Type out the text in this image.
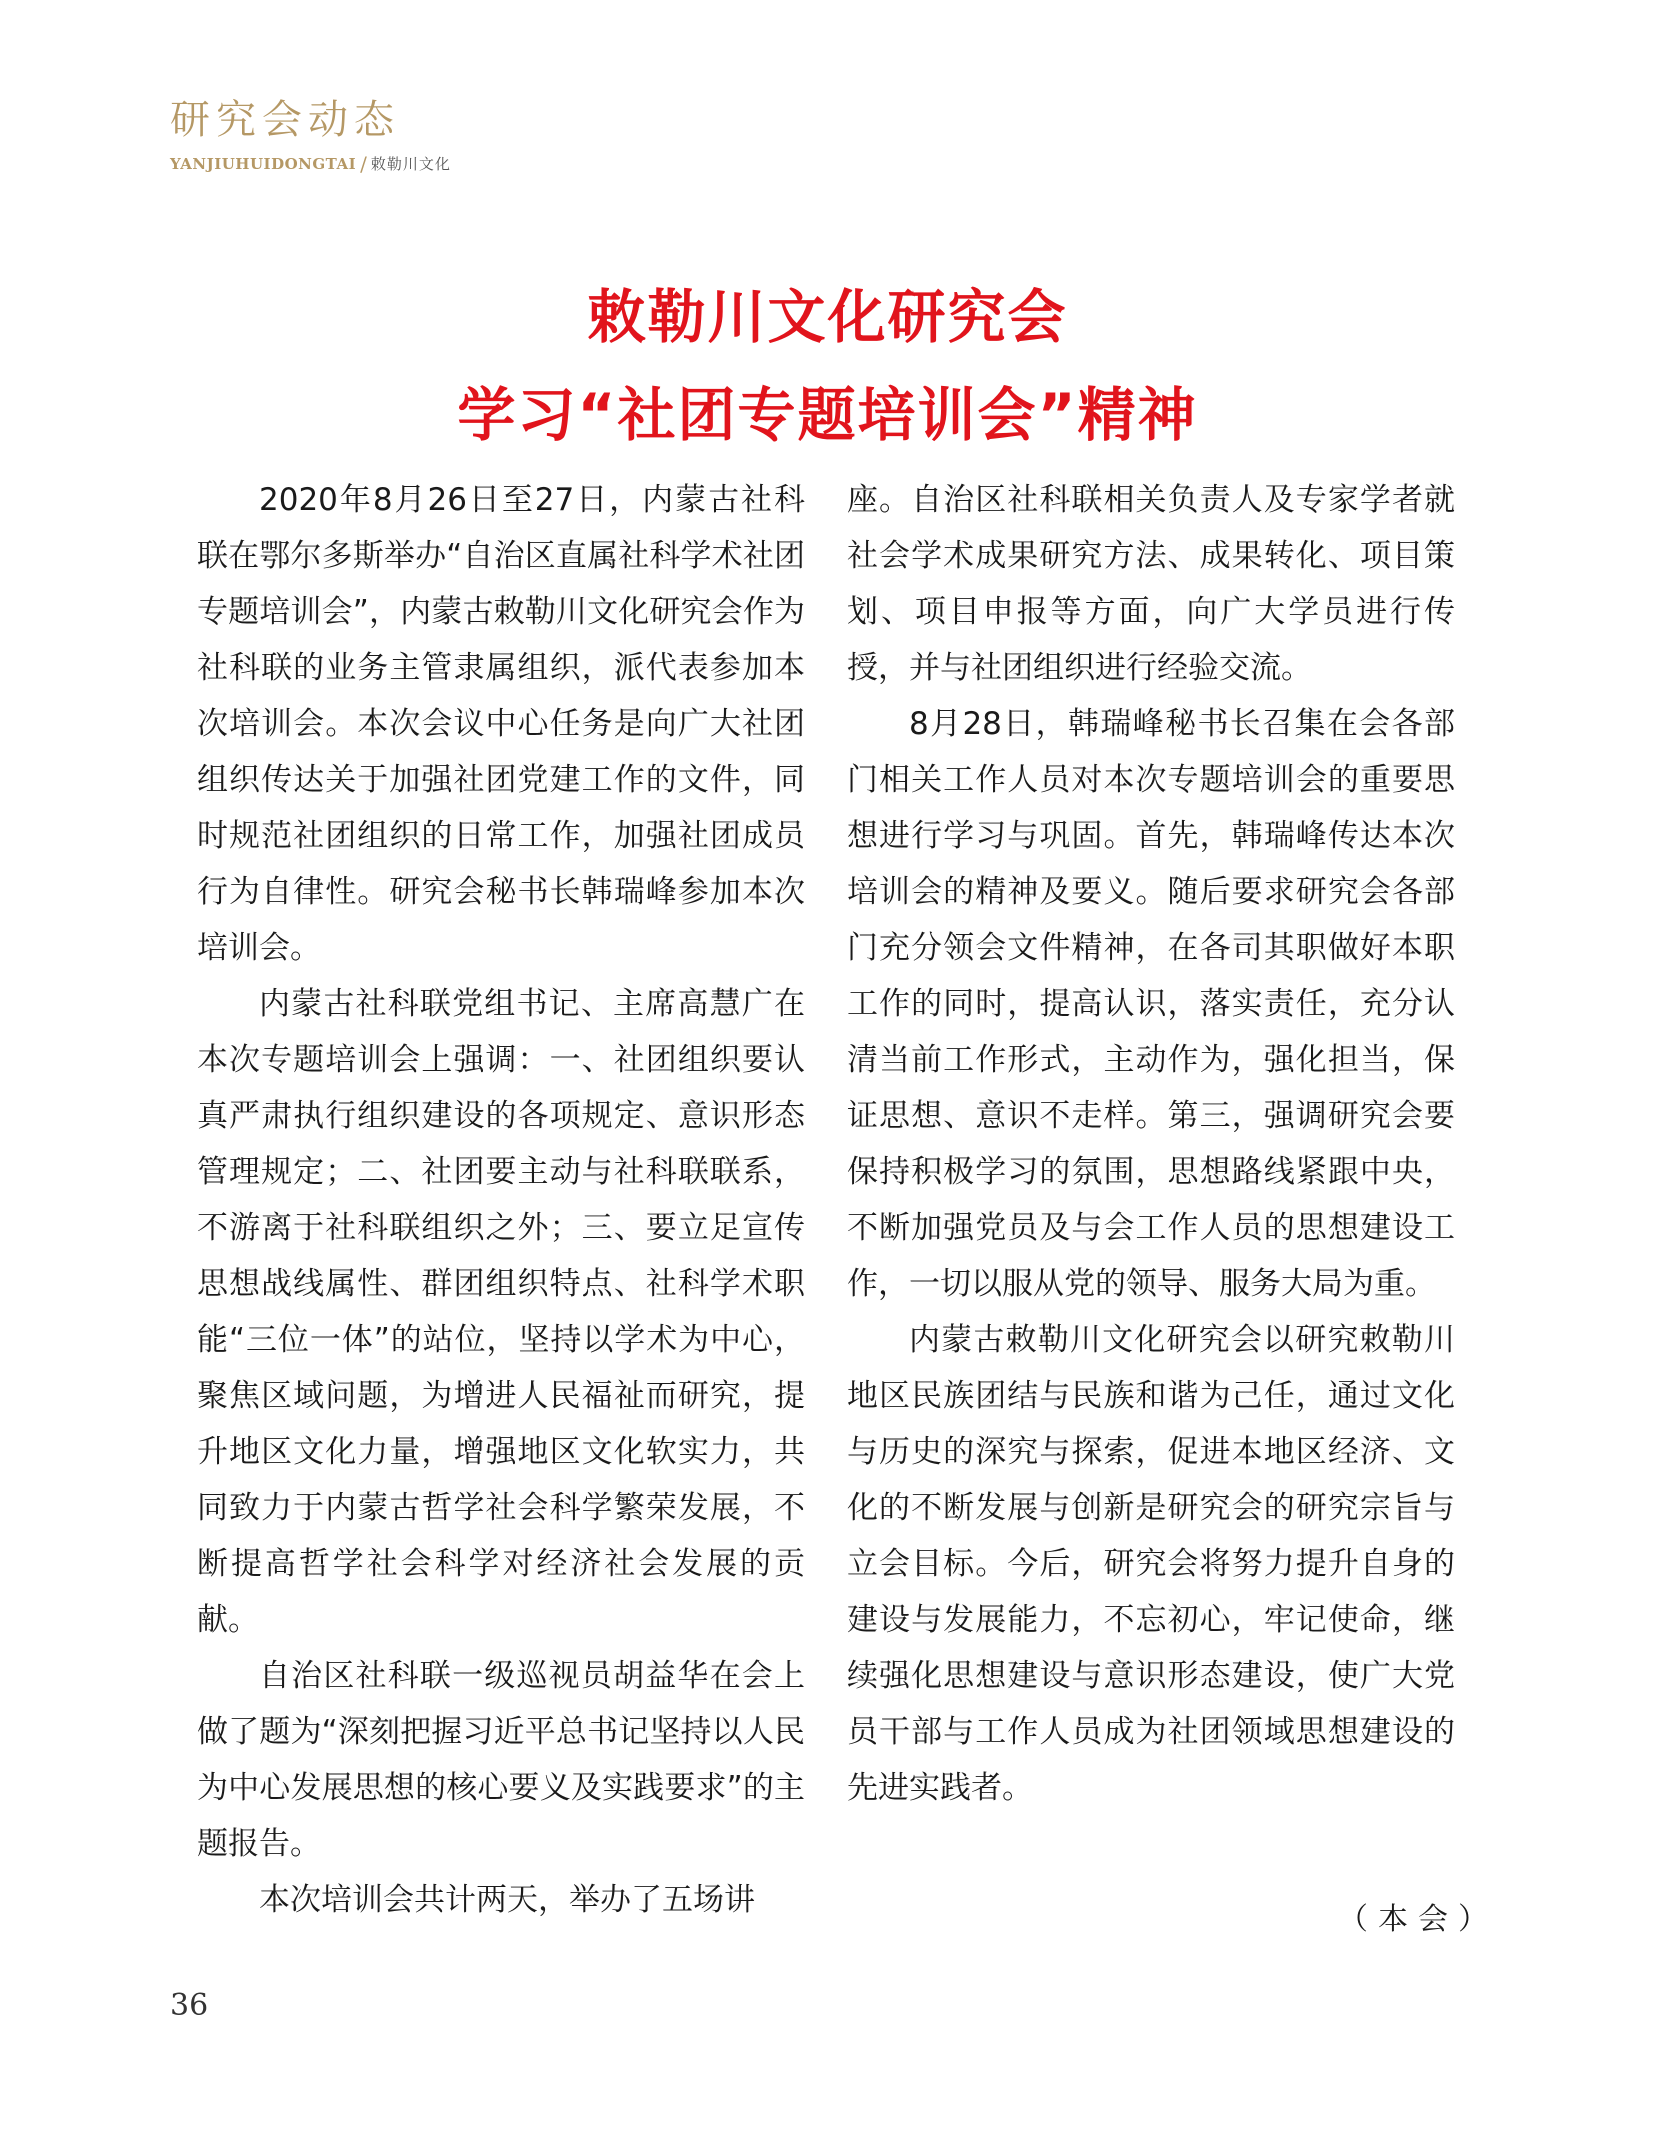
研究会动态
YANJIUHUIDONGTAI / 敕勒川文化
敕勒川文化研究会
学习“社团专题培训会”精神

2020年8月26日至27日，内蒙古社科联在鄂尔多斯举办“自治区直属社科学术社团专题培训会”，内蒙古敕勒川文化研究会作为社科联的业务主管隶属组织，派代表参加本次培训会。本次会议中心任务是向广大社团组织传达关于加强社团党建工作的文件，同时规范社团组织的日常工作，加强社团成员行为自律性。研究会秘书长韩瑞峰参加本次培训会。

内蒙古社科联党组书记、主席高慧广在本次专题培训会上强调：一、社团组织要认真严肃执行组织建设的各项规定、意识形态管理规定；二、社团要主动与社科联联系，不游离于社科联组织之外；三、要立足宣传思想战线属性、群团组织特点、社科学术职能“三位一体”的站位，坚持以学术为中心，聚焦区域问题，为增进人民福祉而研究，提升地区文化力量，增强地区文化软实力，共同致力于内蒙古哲学社会科学繁荣发展，不断提高哲学社会科学对经济社会发展的贡献。

自治区社科联一级巡视员胡益华在会上做了题为“深刻把握习近平总书记坚持以人民为中心发展思想的核心要义及实践要求”的主题报告。

本次培训会共计两天，举办了五场讲

座。自治区社科联相关负责人及专家学者就社会学术成果研究方法、成果转化、项目策划、项目申报等方面，向广大学员进行传授，并与社团组织进行经验交流。

8月28日，韩瑞峰秘书长召集在会各部门相关工作人员对本次专题培训会的重要思想进行学习与巩固。首先，韩瑞峰传达本次培训会的精神及要义。随后要求研究会各部门充分领会文件精神，在各司其职做好本职工作的同时，提高认识，落实责任，充分认清当前工作形式，主动作为，强化担当，保证思想、意识不走样。第三，强调研究会要保持积极学习的氛围，思想路线紧跟中央，不断加强党员及与会工作人员的思想建设工作，一切以服从党的领导、服务大局为重。

内蒙古敕勒川文化研究会以研究敕勒川地区民族团结与民族和谐为己任，通过文化与历史的深究与探索，促进本地区经济、文化的不断发展与创新是研究会的研究宗旨与立会目标。今后，研究会将努力提升自身的建设与发展能力，不忘初心，牢记使命，继续强化思想建设与意识形态建设，使广大党员干部与工作人员成为社团领域思想建设的先进实践者。

（本会）
36
